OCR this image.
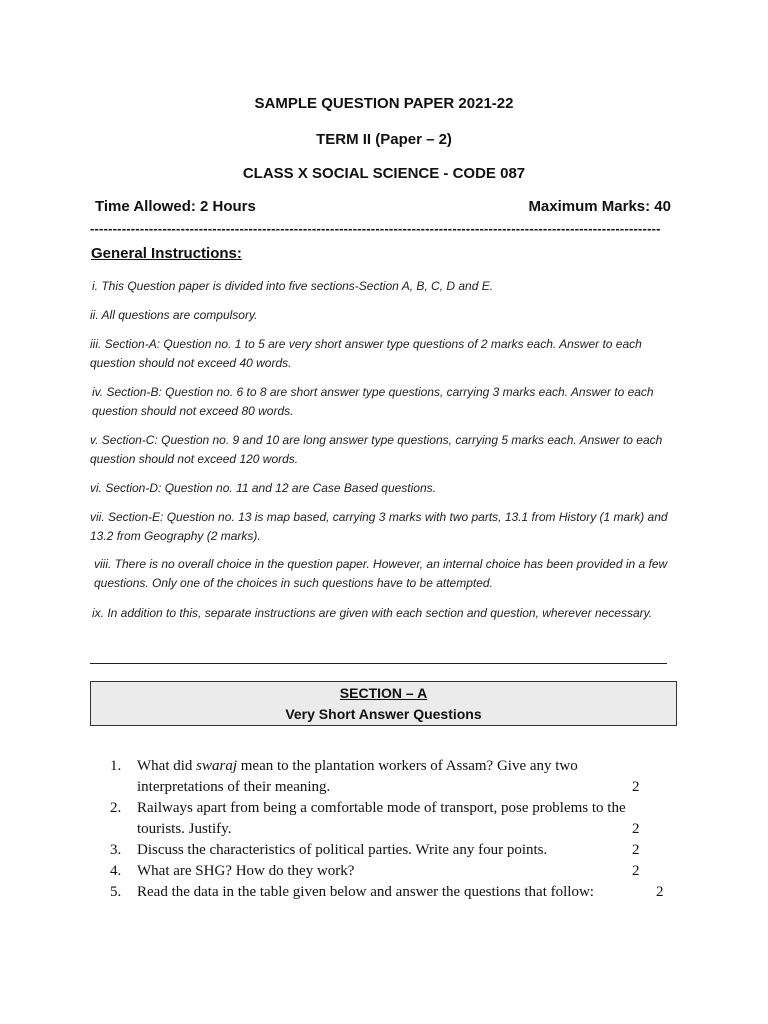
SAMPLE QUESTION PAPER 2021-22
TERM II (Paper – 2)
CLASS X SOCIAL SCIENCE - CODE 087
Time Allowed: 2 Hours	Maximum Marks: 40
------------------------------------------------------------------------------------------------------------------------------
General Instructions:
i. This Question paper is divided into five sections-Section A, B, C, D and E.
ii. All questions are compulsory.
iii. Section-A: Question no. 1 to 5 are very short answer type questions of 2 marks each. Answer to each question should not exceed 40 words.
iv. Section-B: Question no. 6 to 8 are short answer type questions, carrying 3 marks each. Answer to each question should not exceed 80 words.
v. Section-C: Question no. 9 and 10 are long answer type questions, carrying 5 marks each. Answer to each question should not exceed 120 words.
vi. Section-D: Question no. 11 and 12 are Case Based questions.
vii. Section-E: Question no. 13 is map based, carrying 3 marks with two parts, 13.1 from History (1 mark) and 13.2 from Geography (2 marks).
viii. There is no overall choice in the question paper. However, an internal choice has been provided in a few questions. Only one of the choices in such questions have to be attempted.
ix. In addition to this, separate instructions are given with each section and question, wherever necessary.
SECTION – A
Very Short Answer Questions
1.	What did swaraj mean to the plantation workers of Assam? Give any two
interpretations of their meaning.	2
2.	Railways apart from being a comfortable mode of transport, pose problems to the
tourists. Justify.	2
3.	Discuss the characteristics of political parties. Write any four points.	2
4.	What are SHG? How do they work?	2
5.	Read the data in the table given below and answer the questions that follow:	2
